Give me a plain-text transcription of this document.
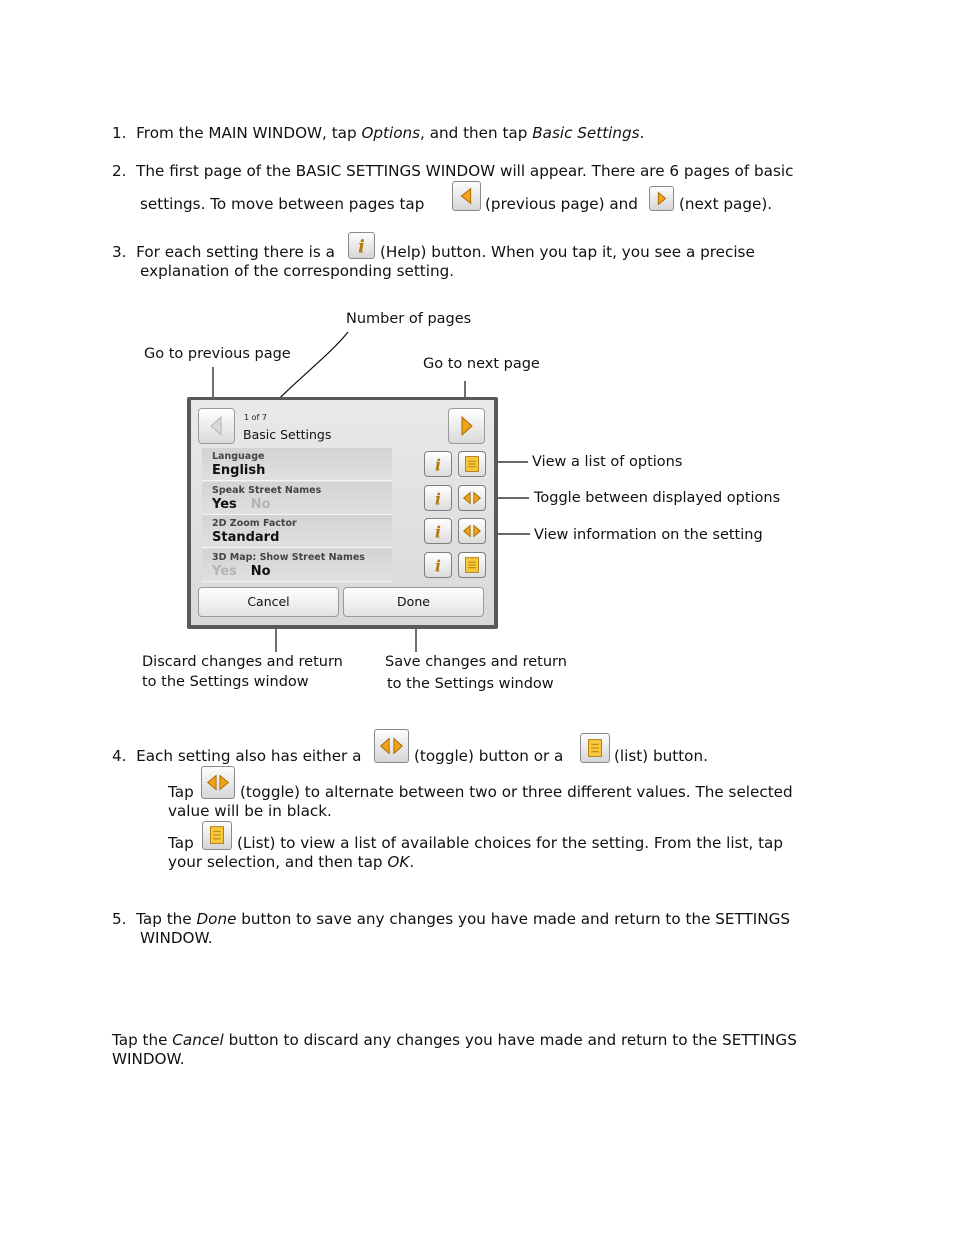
1. From the MAIN WINDOW, tap Options, and then tap Basic Settings.
2. The first page of the BASIC SETTINGS WINDOW will appear. There are 6 pages of basic
settings. To move between pages tap	(previous page) and	(next page).
3. For each setting there is a i (Help) button. When you tap it, you see a precise
explanation of the corresponding setting.
Number of pages
Go to previous page
Go to next page
View a list of options
Toggle between displayed options
View information on the setting
Discard changes and return
to the Settings window
Save changes and return
to the Settings window
1 of 7
Basic Settings
Language
English	i
Speak Street Names
Yes No	i
2D Zoom Factor
Standard	i
3D Map: Show Street Names
Yes No	i
Cancel	Done
4. Each setting also has either a	(toggle) button or a	(list) button.
Tap	(toggle) to alternate between two or three different values. The selected
value will be in black.
Tap	(List) to view a list of available choices for the setting. From the list, tap
your selection, and then tap OK.
5. Tap the Done button to save any changes you have made and return to the SETTINGS
WINDOW.
Tap the Cancel button to discard any changes you have made and return to the SETTINGS
WINDOW.
